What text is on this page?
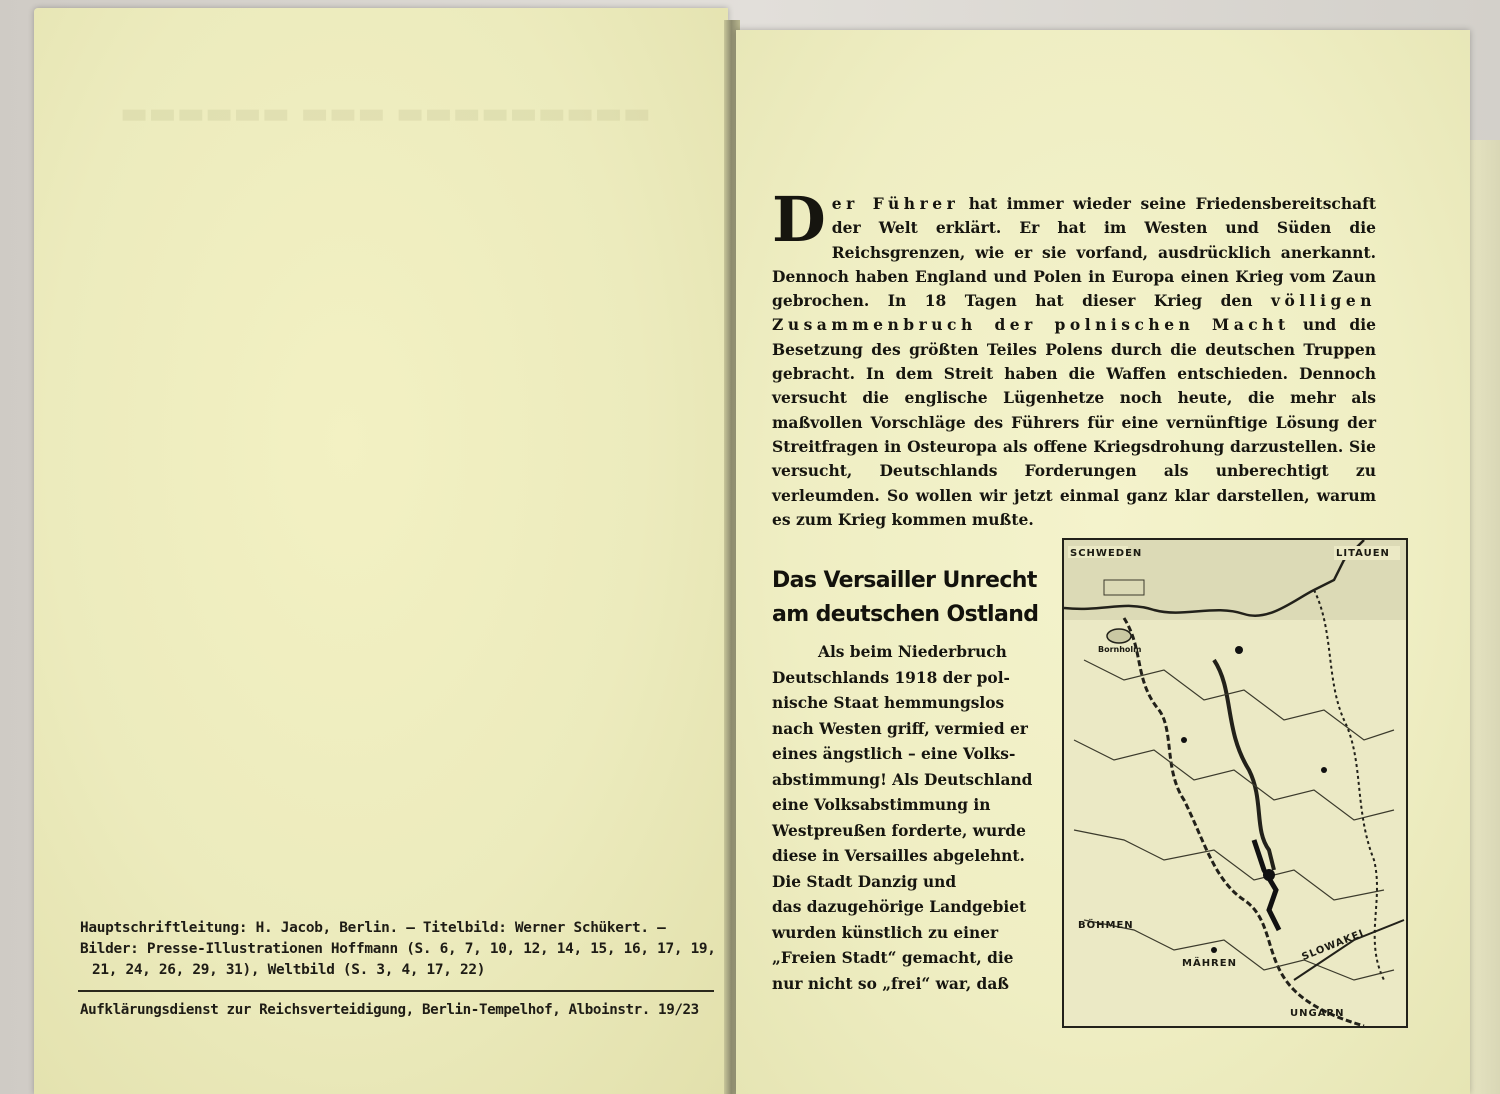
▬▬▬▬▬▬ ▬▬▬ ▬▬▬▬▬▬▬▬▬
Hauptschriftleitung: H. Jacob, Berlin. — Titelbild: Werner Schükert. —
Bilder: Presse-Illustrationen Hoffmann (S. 6, 7, 10, 12, 14, 15, 16, 17, 19,
21, 24, 26, 29, 31), Weltbild (S. 3, 4, 17, 22)
Aufklärungsdienst zur Reichsverteidigung, Berlin-Tempelhof, Alboinstr. 19/23
Der Führer hat immer wieder seine Friedensbereitschaft der Welt erklärt. Er hat im Westen und Süden die Reichsgrenzen, wie er sie vorfand, ausdrücklich anerkannt. Dennoch haben England und Polen in Europa einen Krieg vom Zaun gebrochen. In 18 Tagen hat dieser Krieg den völligen Zusammenbruch der polnischen Macht und die Besetzung des größten Teiles Polens durch die deutschen Truppen gebracht. In dem Streit haben die Waffen entschieden. Dennoch versucht die englische Lügenhetze noch heute, die mehr als maßvollen Vorschläge des Führers für eine vernünftige Lösung der Streitfragen in Osteuropa als offene Kriegsdrohung darzustellen. Sie versucht, Deutschlands Forderungen als unberechtigt zu verleumden. So wollen wir jetzt einmal ganz klar darstellen, warum es zum Krieg kommen mußte.
Das Versailler Unrecht
am deutschen Ostland
Als beim Niederbruch
Deutschlands 1918 der pol-
nische Staat hemmungslos
nach Westen griff, vermied er
eines ängstlich – eine Volks-
abstimmung! Als Deutschland
eine Volksabstimmung in
Westpreußen forderte, wurde
diese in Versailles abgelehnt.
Die Stadt Danzig und
das dazugehörige Landgebiet
wurden künstlich zu einer
„Freien Stadt“ gemacht, die
nur nicht so „frei“ war, daß
SCHWEDEN	LITAUEN
Bornholm
BÖHMEN
MÄHREN
SLOWAKEI
UNGARN
